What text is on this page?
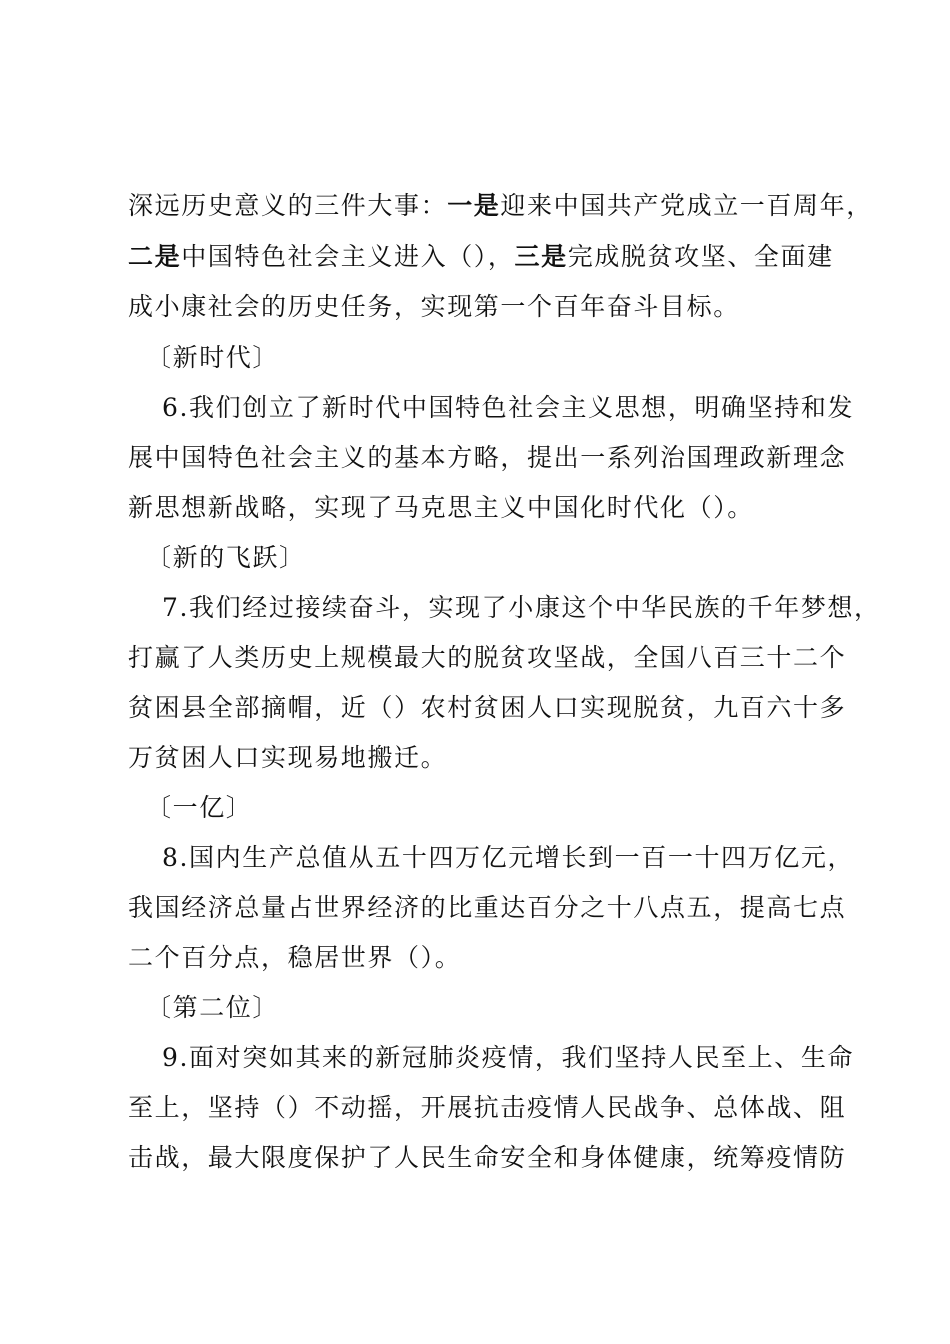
深远历史意义的三件大事：一是迎来中国共产党成立一百周年，
二是中国特色社会主义进入（），三是完成脱贫攻坚、全面建
成小康社会的历史任务，实现第一个百年奋斗目标。
〔新时代〕
6.我们创立了新时代中国特色社会主义思想，明确坚持和发
展中国特色社会主义的基本方略，提出一系列治国理政新理念
新思想新战略，实现了马克思主义中国化时代化（）。
〔新的飞跃〕
7.我们经过接续奋斗，实现了小康这个中华民族的千年梦想，
打赢了人类历史上规模最大的脱贫攻坚战，全国八百三十二个
贫困县全部摘帽，近（）农村贫困人口实现脱贫，九百六十多
万贫困人口实现易地搬迁。
〔一亿〕
8.国内生产总值从五十四万亿元增长到一百一十四万亿元，
我国经济总量占世界经济的比重达百分之十八点五，提高七点
二个百分点，稳居世界（）。
〔第二位〕
9.面对突如其来的新冠肺炎疫情，我们坚持人民至上、生命
至上，坚持（）不动摇，开展抗击疫情人民战争、总体战、阻
击战，最大限度保护了人民生命安全和身体健康，统筹疫情防
